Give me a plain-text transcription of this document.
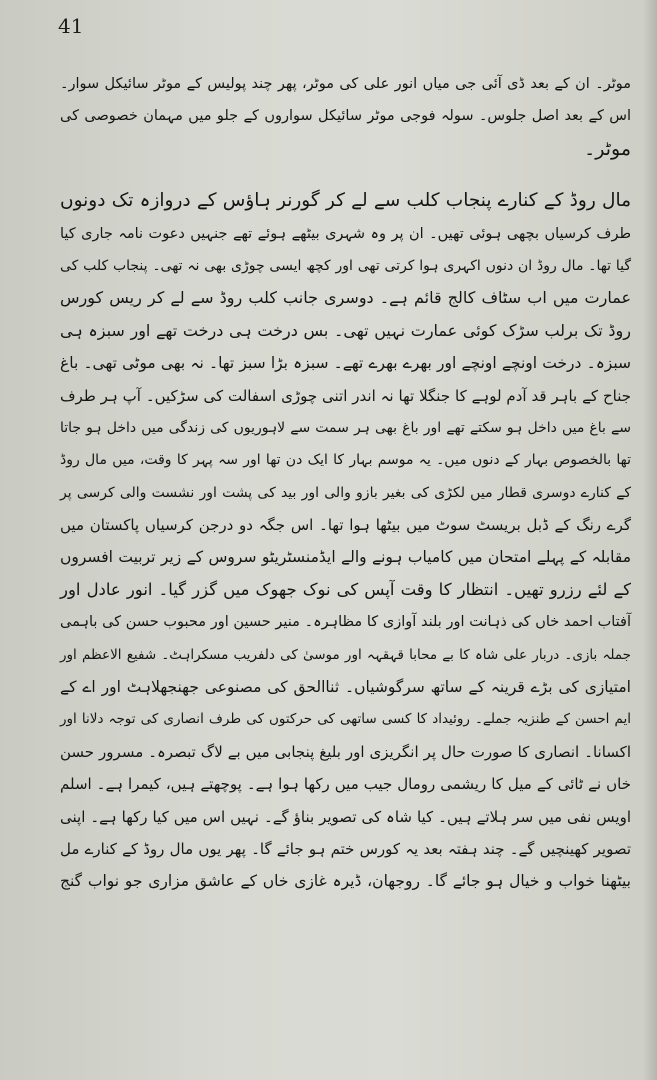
41
موٹر۔ ان کے بعد ڈی آئی جی میاں انور علی کی موٹر، پھر چند پولیس کے موٹر سائیکل سوار۔
اس کے بعد اصل جلوس۔ سولہ فوجی موٹر سائیکل سواروں کے جلو میں مہمان خصوصی کی
موٹر۔
مال روڈ کے کنارے پنجاب کلب سے لے کر گورنر ہاؤس کے دروازہ تک دونوں
طرف کرسیاں بچھی ہوئی تھیں۔ ان پر وہ شہری بیٹھے ہوئے تھے جنہیں دعوت نامہ جاری کیا
گیا تھا۔ مال روڈ ان دنوں اکہری ہوا کرتی تھی اور کچھ ایسی چوڑی بھی نہ تھی۔ پنجاب کلب کی
عمارت میں اب سٹاف کالج قائم ہے۔ دوسری جانب کلب روڈ سے لے کر ریس کورس
روڈ تک برلب سڑک کوئی عمارت نہیں تھی۔ بس درخت ہی درخت تھے اور سبزہ ہی
سبزہ۔ درخت اونچے اونچے اور بھرے بھرے تھے۔ سبزہ بڑا سبز تھا۔ نہ بھی موٹی تھی۔ باغ
جناح کے باہر قد آدم لوہے کا جنگلا تھا نہ اندر اتنی چوڑی اسفالت کی سڑکیں۔ آپ ہر طرف
سے باغ میں داخل ہو سکتے تھے اور باغ بھی ہر سمت سے لاہوریوں کی زندگی میں داخل ہو جاتا
تھا بالخصوص بہار کے دنوں میں۔ یہ موسم بہار کا ایک دن تھا اور سہ پہر کا وقت، میں مال روڈ
کے کنارے دوسری قطار میں لکڑی کی بغیر بازو والی اور بید کی پشت اور نشست والی کرسی پر
گرے رنگ کے ڈبل بریسٹ سوٹ میں بیٹھا ہوا تھا۔ اس جگہ دو درجن کرسیاں پاکستان میں
مقابلہ کے پہلے امتحان میں کامیاب ہونے والے ایڈمنسٹریٹو سروس کے زیر تربیت افسروں
کے لئے رزرو تھیں۔ انتظار کا وقت آپس کی نوک جھوک میں گزر گیا۔ انور عادل اور
آفتاب احمد خاں کی ذہانت اور بلند آوازی کا مظاہرہ۔ منیر حسین اور محبوب حسن کی باہمی
جملہ بازی۔ دربار علی شاہ کا بے محابا قہقہہ اور موسیٰ کی دلفریب مسکراہٹ۔ شفیع الاعظم اور
امتیازی کی بڑے قرینہ کے ساتھ سرگوشیاں۔ ثناالحق کی مصنوعی جھنجھلاہٹ اور اے کے
ایم احسن کے طنزیہ جملے۔ روئیداد کا کسی ساتھی کی حرکتوں کی طرف انصاری کی توجہ دلانا اور
اکسانا۔ انصاری کا صورت حال پر انگریزی اور بلیغ پنجابی میں بے لاگ تبصرہ۔ مسرور حسن
خاں نے ٹائی کے میل کا ریشمی رومال جیب میں رکھا ہوا ہے۔ پوچھتے ہیں، کیمرا ہے۔ اسلم
اویس نفی میں سر ہلاتے ہیں۔ کیا شاہ کی تصویر بناؤ گے۔ نہیں اس میں کیا رکھا ہے۔ اپنی
تصویر کھینچیں گے۔ چند ہفتہ بعد یہ کورس ختم ہو جائے گا۔ پھر یوں مال روڈ کے کنارے مل
بیٹھنا خواب و خیال ہو جائے گا۔ روجھان، ڈیرہ غازی خاں کے عاشق مزاری جو نواب گنج
